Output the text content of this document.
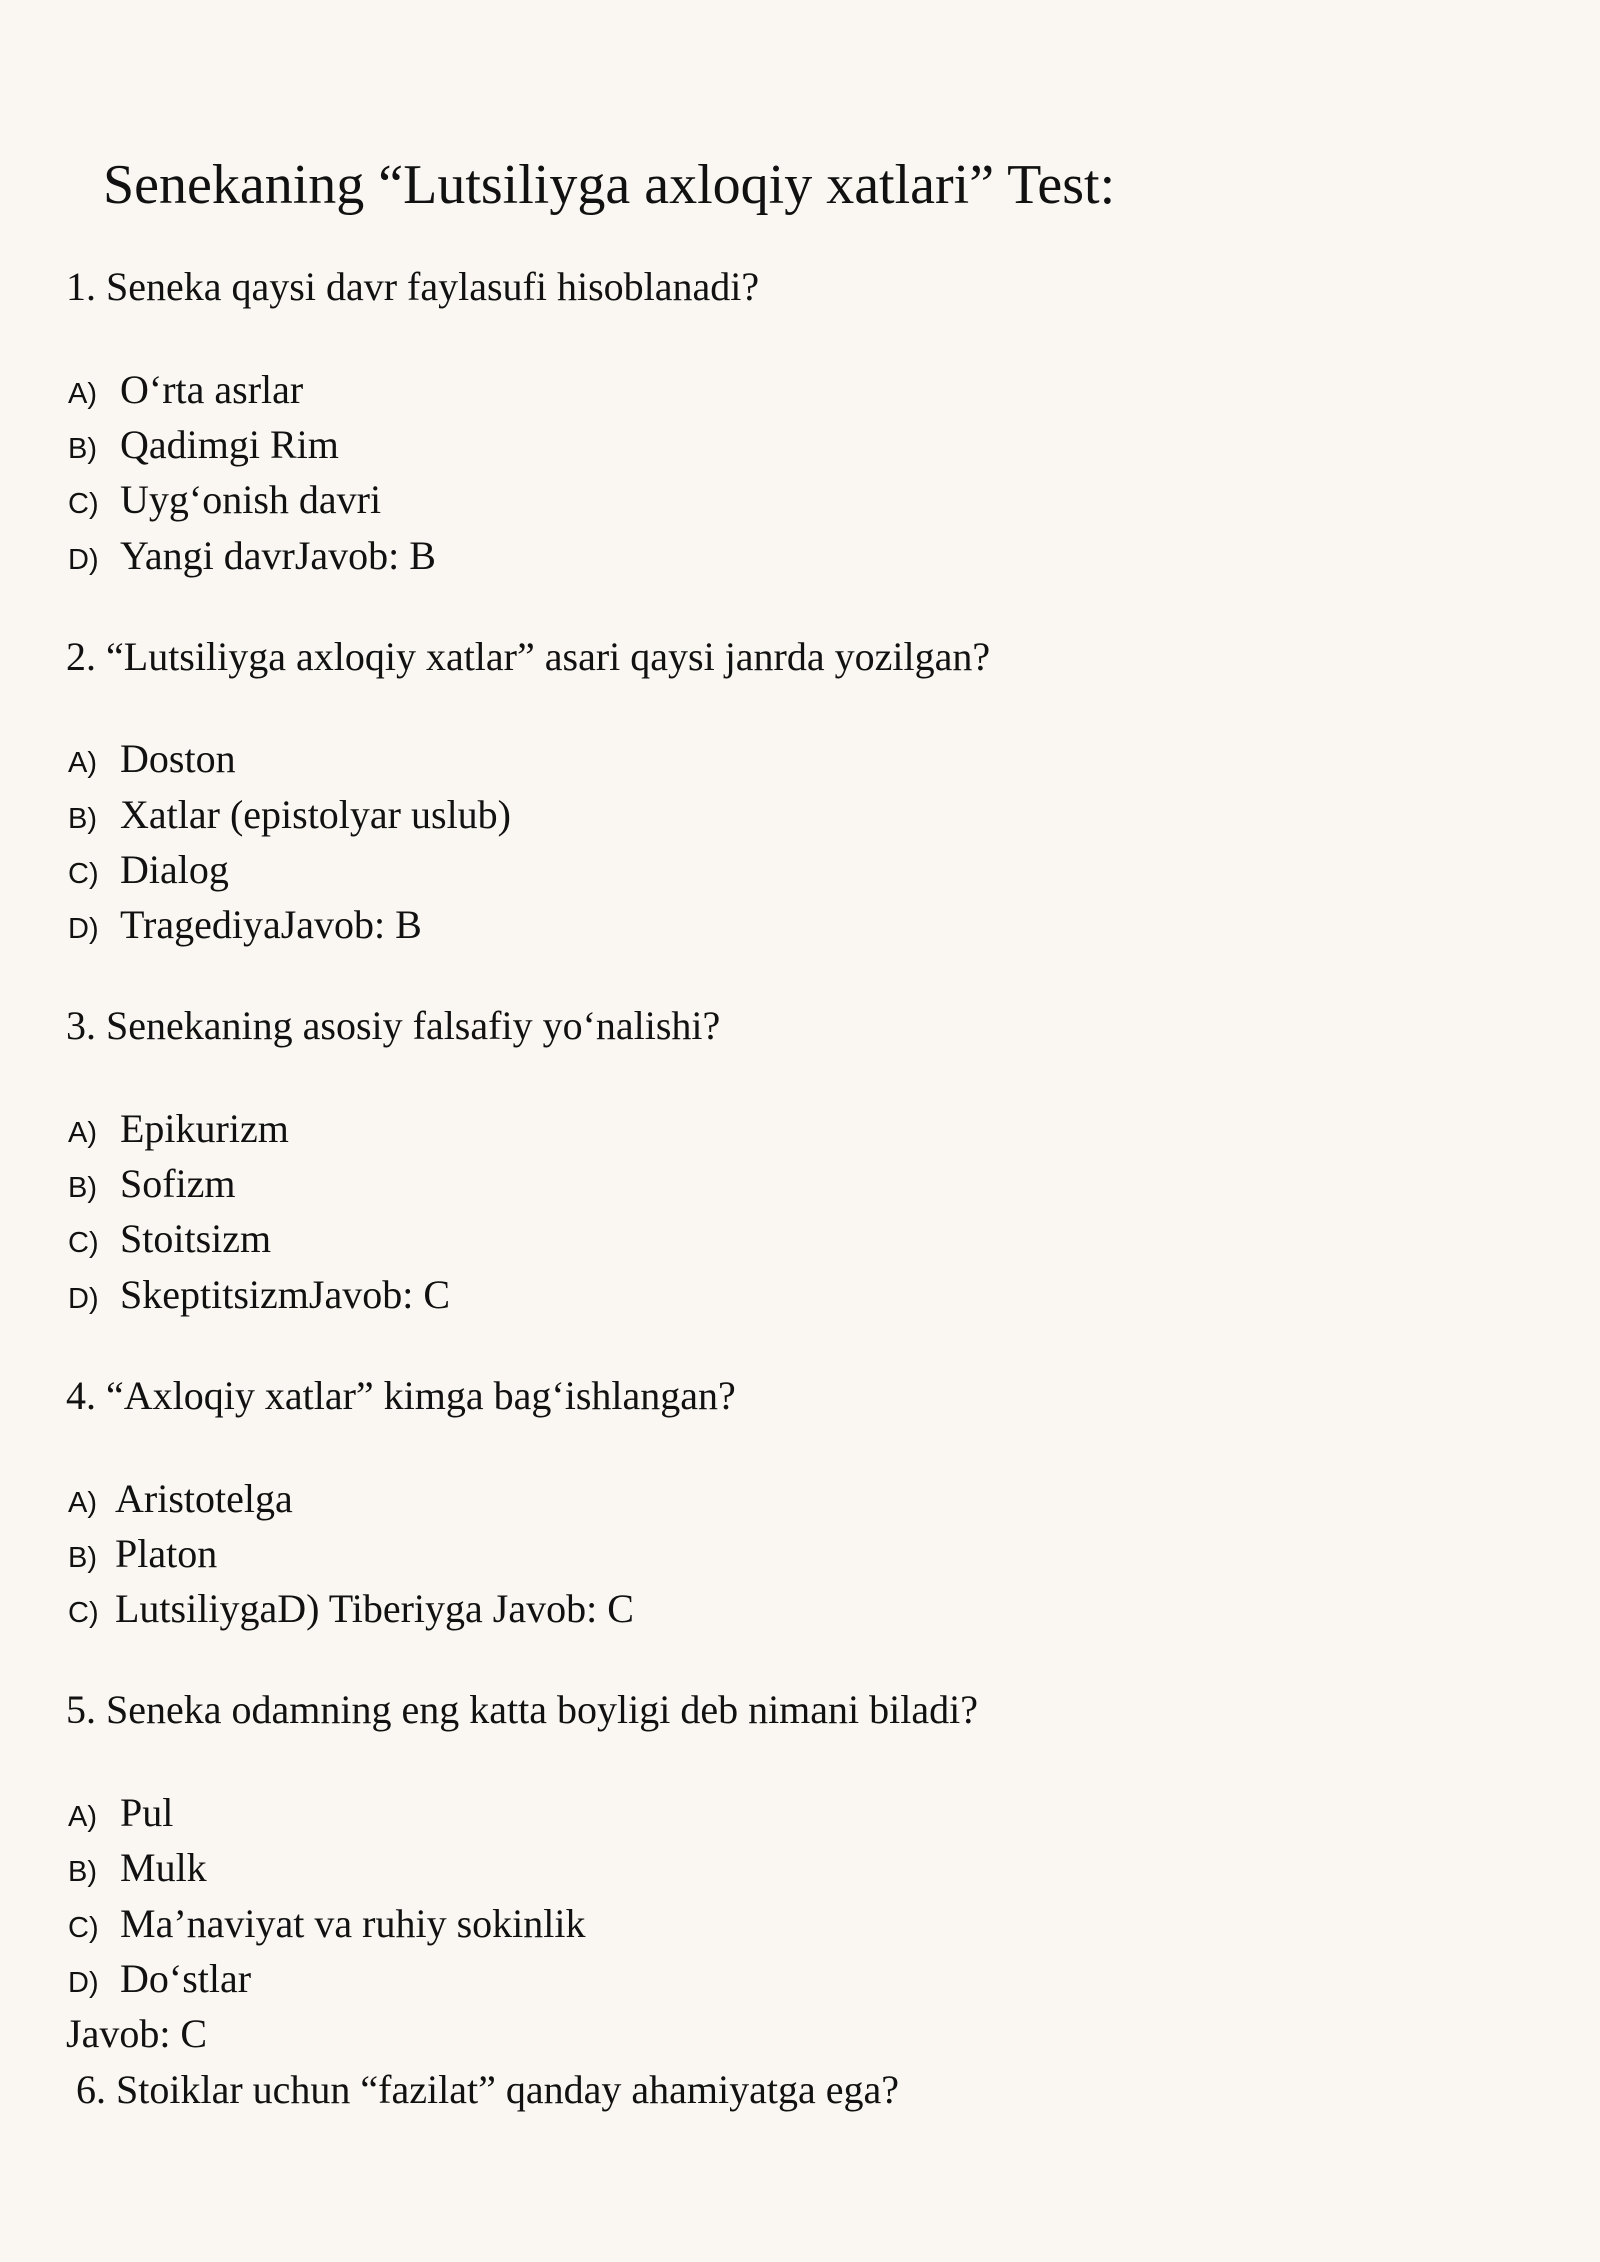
Senekaning “Lutsiliyga axloqiy xatlari” Test:
1. Seneka qaysi davr faylasufi hisoblanadi?
A) O‘rta asrlar
B) Qadimgi Rim
C) Uyg‘onish davri
D) Yangi davrJavob: B
2. “Lutsiliyga axloqiy xatlar” asari qaysi janrda yozilgan?
A) Doston
B) Xatlar (epistolyar uslub)
C) Dialog
D) TragediyaJavob: B
3. Senekaning asosiy falsafiy yo‘nalishi?
A) Epikurizm
B) Sofizm
C) Stoitsizm
D) SkeptitsizmJavob: C
4. “Axloqiy xatlar” kimga bag‘ishlangan?
A) Aristotelga
B) Platon
C) LutsiliygaD) Tiberiyga Javob: C
5. Seneka odamning eng katta boyligi deb nimani biladi?
A) Pul
B) Mulk
C) Ma’naviyat va ruhiy sokinlik
D) Do‘stlar
Javob: C
6. Stoiklar uchun “fazilat” qanday ahamiyatga ega?
